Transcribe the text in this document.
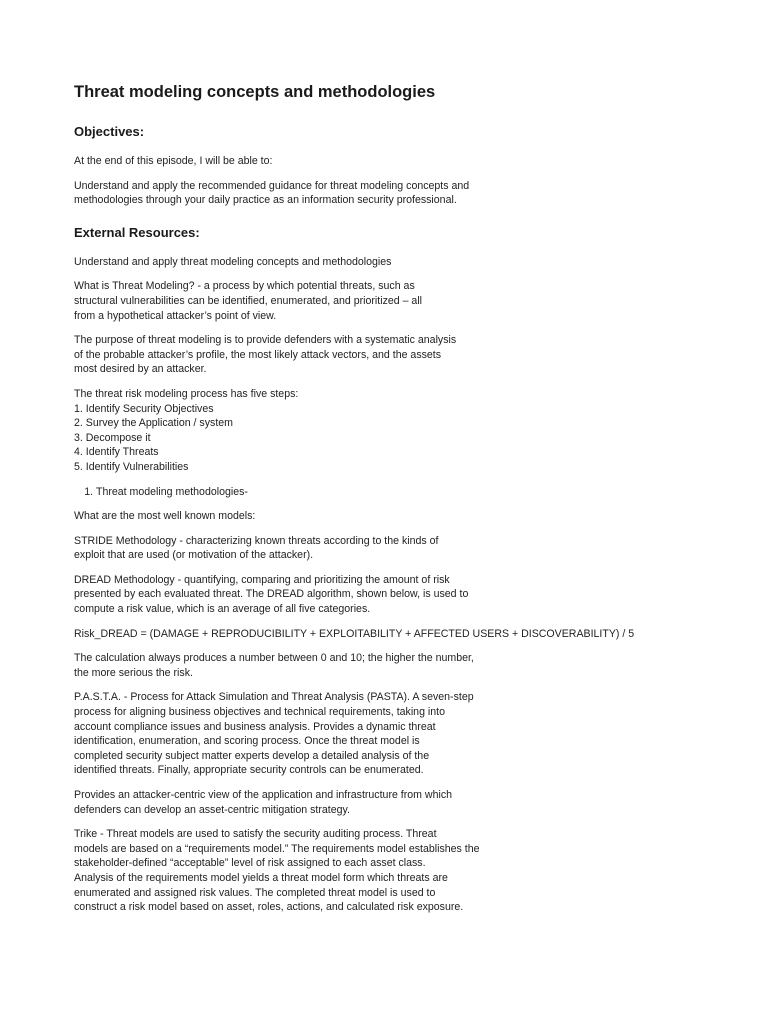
Threat modeling concepts and methodologies
Objectives:

At the end of this episode, I will be able to:

Understand and apply the recommended guidance for threat modeling concepts and
methodologies through your daily practice as an information security professional.

External Resources:

Understand and apply threat modeling concepts and methodologies

What is Threat Modeling? - a process by which potential threats, such as
structural vulnerabilities can be identified, enumerated, and prioritized – all
from a hypothetical attacker’s point of view.

The purpose of threat modeling is to provide defenders with a systematic analysis
of the probable attacker’s profile, the most likely attack vectors, and the assets
most desired by an attacker.

The threat risk modeling process has five steps:
1. Identify Security Objectives
2. Survey the Application / system
3. Decompose it
4. Identify Threats
5. Identify Vulnerabilities

1. Threat modeling methodologies-

What are the most well known models:

STRIDE Methodology - characterizing known threats according to the kinds of
exploit that are used (or motivation of the attacker).

DREAD Methodology - quantifying, comparing and prioritizing the amount of risk
presented by each evaluated threat. The DREAD algorithm, shown below, is used to
compute a risk value, which is an average of all five categories.

Risk_DREAD = (DAMAGE + REPRODUCIBILITY + EXPLOITABILITY + AFFECTED USERS + DISCOVERABILITY) / 5

The calculation always produces a number between 0 and 10; the higher the number,
the more serious the risk.

P.A.S.T.A. - Process for Attack Simulation and Threat Analysis (PASTA). A seven-step
process for aligning business objectives and technical requirements, taking into
account compliance issues and business analysis. Provides a dynamic threat
identification, enumeration, and scoring process. Once the threat model is
completed security subject matter experts develop a detailed analysis of the
identified threats. Finally, appropriate security controls can be enumerated.

Provides an attacker-centric view of the application and infrastructure from which
defenders can develop an asset-centric mitigation strategy.

Trike - Threat models are used to satisfy the security auditing process. Threat
models are based on a “requirements model.” The requirements model establishes the
stakeholder-defined “acceptable” level of risk assigned to each asset class.
Analysis of the requirements model yields a threat model form which threats are
enumerated and assigned risk values. The completed threat model is used to
construct a risk model based on asset, roles, actions, and calculated risk exposure.
